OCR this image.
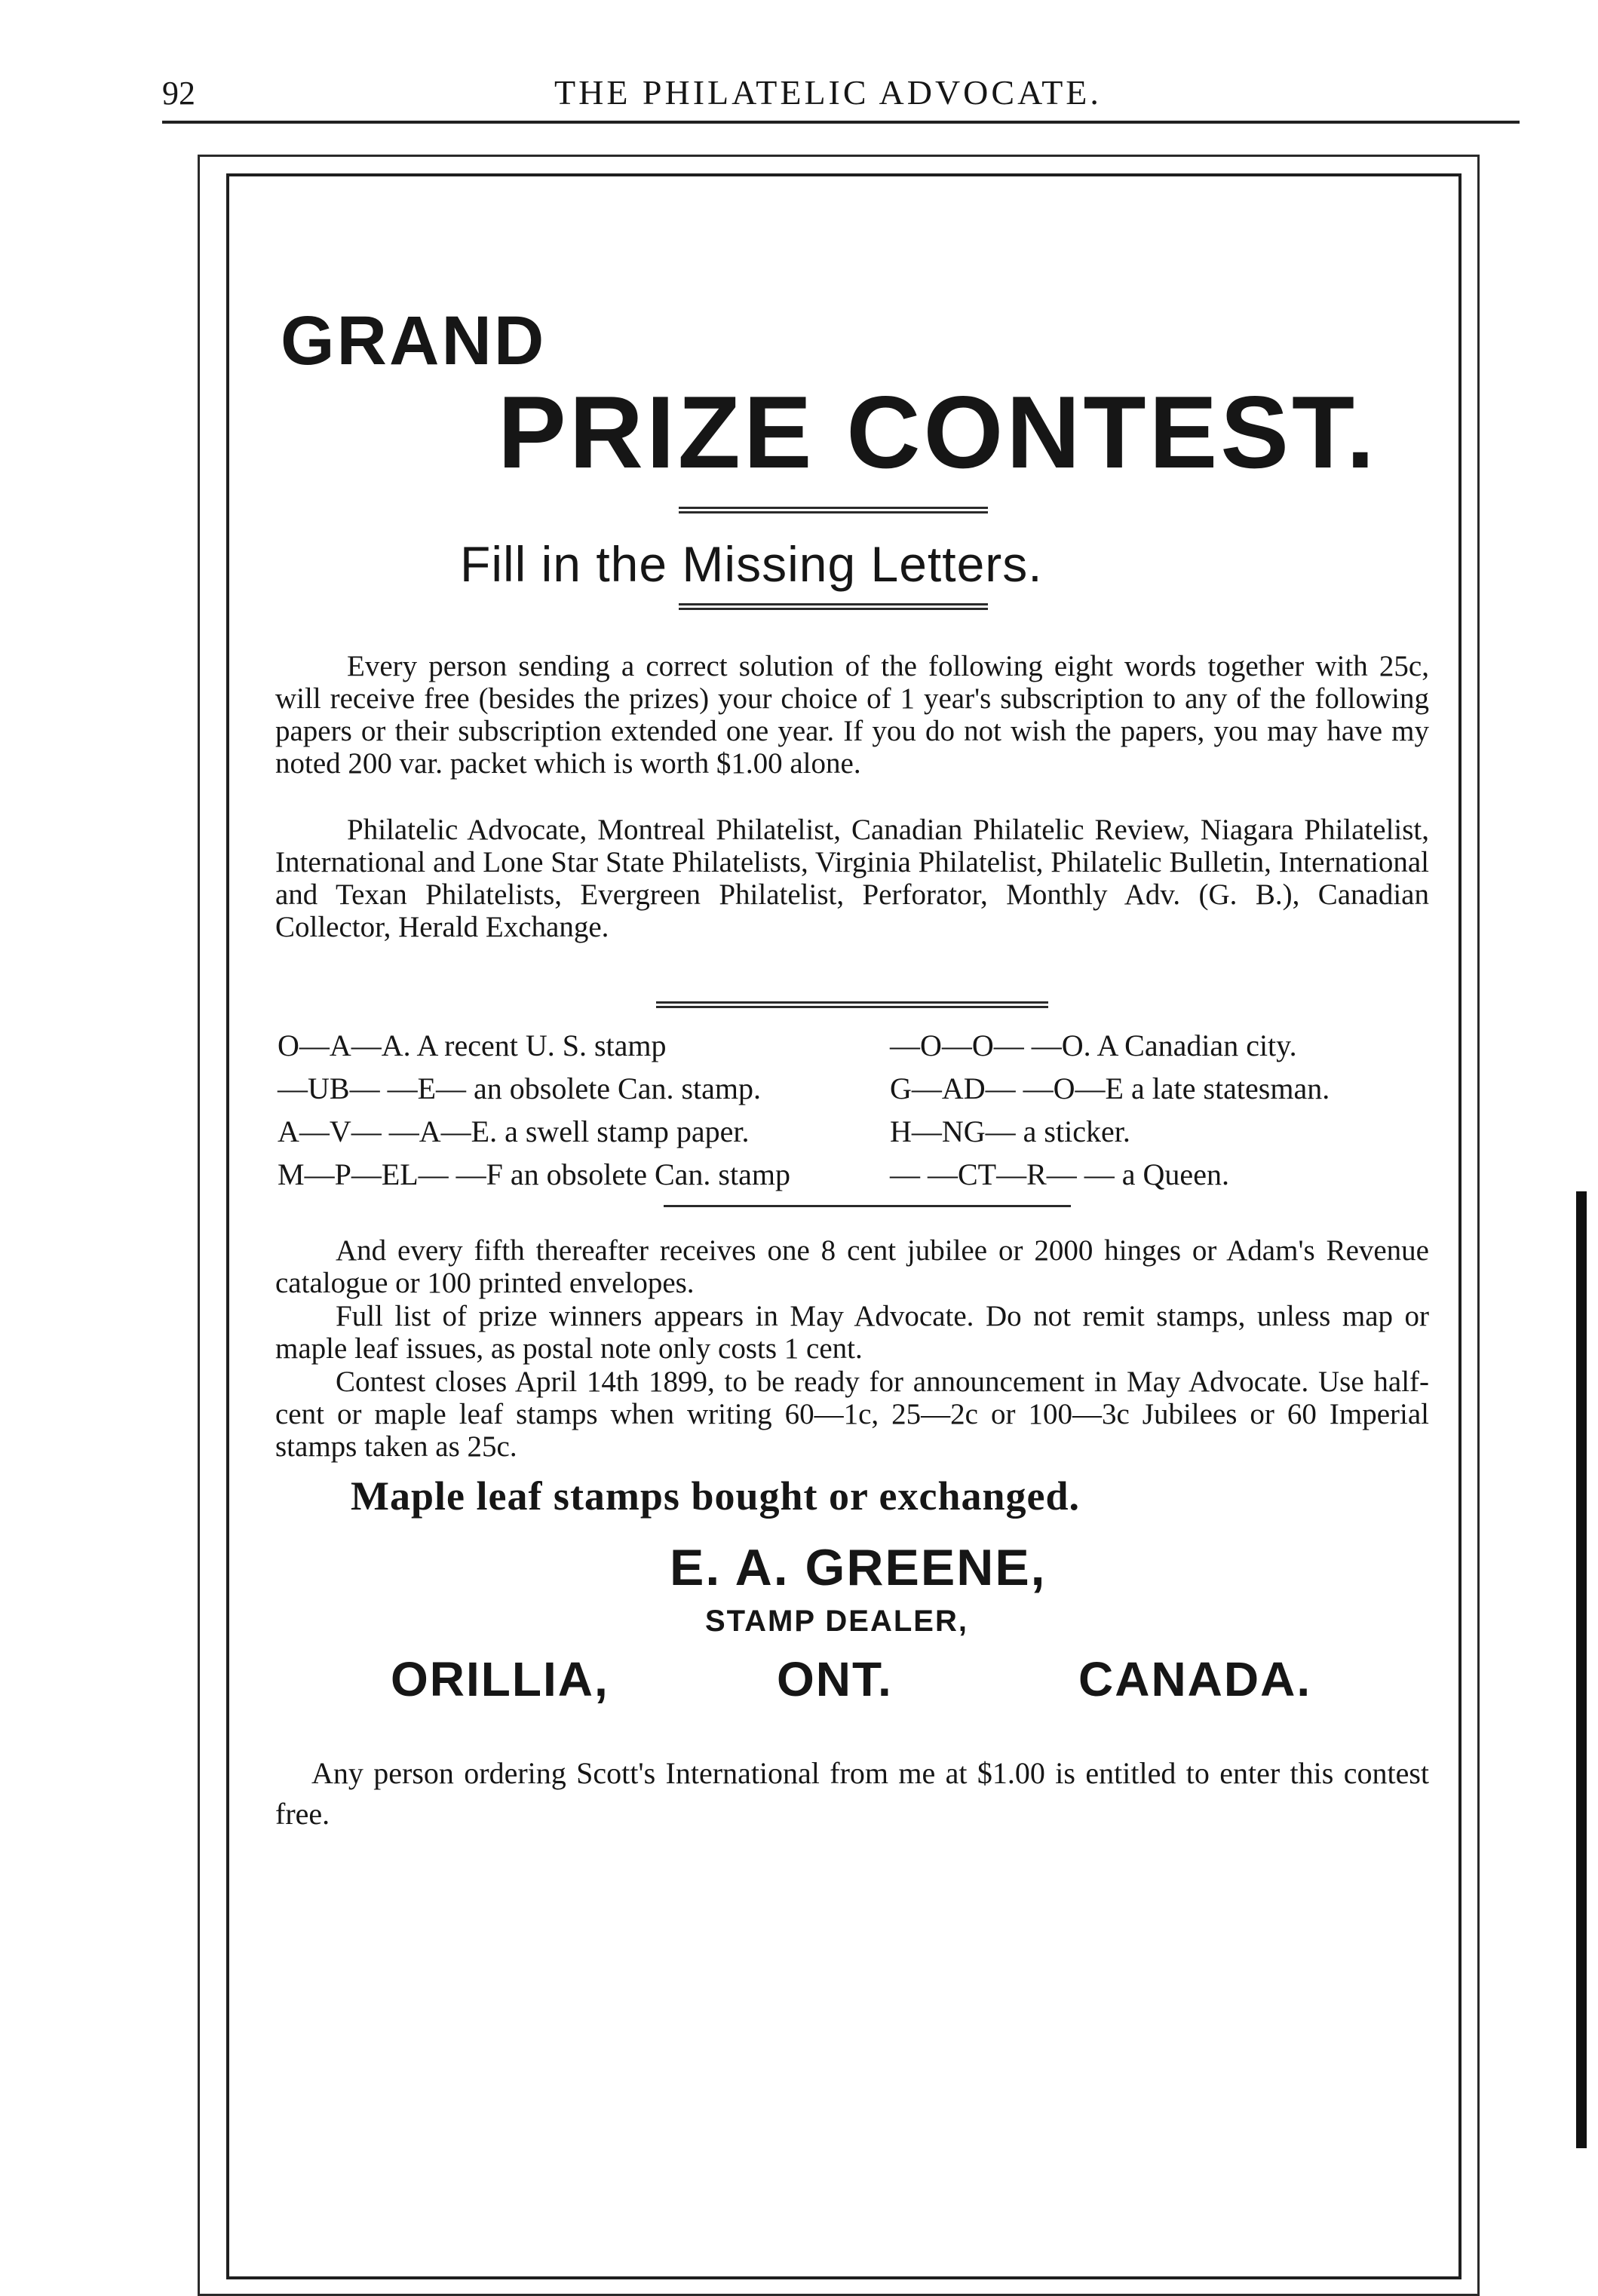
92	THE PHILATELIC ADVOCATE.
GRAND
PRIZE CONTEST.
Fill in the Missing Letters.
Every person sending a correct solution of the following eight words together with 25c, will receive free (besides the prizes) your choice of 1 year's subscription to any of the following papers or their subscription extended one year. If you do not wish the papers, you may have my noted 200 var. packet which is worth $1.00 alone.
Philatelic Advocate, Montreal Philatelist, Canadian Philatelic Review, Niagara Philatelist, International and Lone Star State Philatelists, Virginia Philatelist, Philatelic Bulletin, International and Texan Philatelists, Evergreen Philatelist, Perforator, Monthly Adv. (G. B.), Canadian Collector, Herald Exchange.
O—A—A. A recent U. S. stamp	—O—O— —O. A Canadian city.
—UB— —E— an obsolete Can. stamp.	G—AD— —O—E a late statesman.
A—V— —A—E. a swell stamp paper.	H—NG— a sticker.
M—P—EL— —F an obsolete Can. stamp	— —CT—R— — a Queen.
And every fifth thereafter receives one 8 cent jubilee or 2000 hinges or Adam's Revenue catalogue or 100 printed envelopes.
Full list of prize winners appears in May Advocate. Do not remit stamps, unless map or maple leaf issues, as postal note only costs 1 cent.
Contest closes April 14th 1899, to be ready for announcement in May Advocate. Use half-cent or maple leaf stamps when writing 60—1c, 25—2c or 100—3c Jubilees or 60 Imperial stamps taken as 25c.
Maple leaf stamps bought or exchanged.
E. A. GREENE,
STAMP DEALER,
ORILLIA,	ONT.	CANADA.
Any person ordering Scott's International from me at $1.00 is entitled to enter this contest free.
